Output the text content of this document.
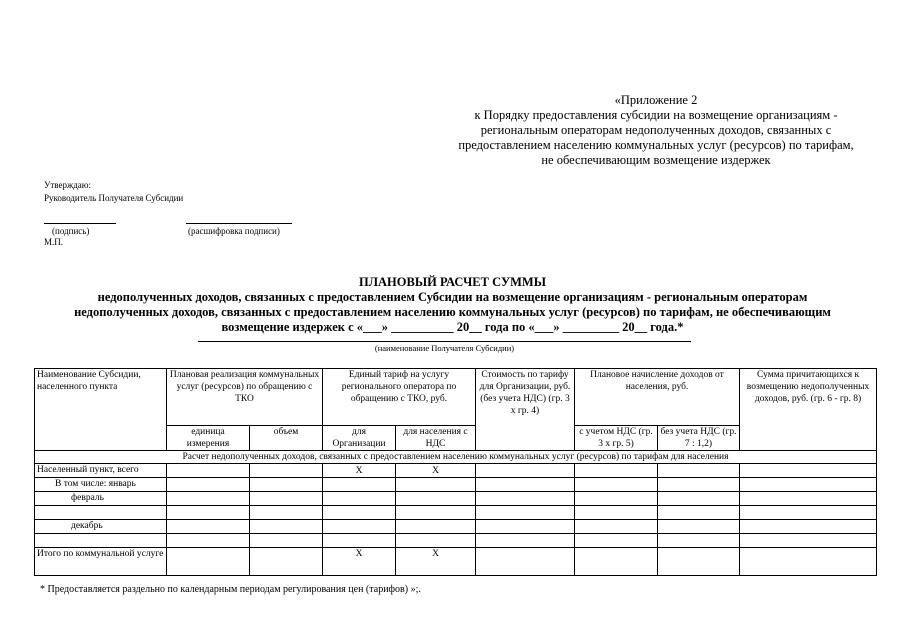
«Приложение 2
к Порядку предоставления субсидии на возмещение организациям -
региональным операторам недополученных доходов, связанных с
предоставлением населению коммунальных услуг (ресурсов) по тарифам,
не обеспечивающим возмещение издержек
Утверждаю:
Руководитель Получателя Субсидии
(подпись)	(расшифровка подписи)
М.П.
ПЛАНОВЫЙ РАСЧЕТ СУММЫ
недополученных доходов, связанных с предоставлением Субсидии на возмещение организациям - региональным операторам
недополученных доходов, связанных с предоставлением населению коммунальных услуг (ресурсов) по тарифам, не обеспечивающим
возмещение издержек с «___» __________ 20__ года по «___» _________ 20__ года.*
(наименование Получателя Субсидии)
Наименование Субсидии, населенного пункта	Плановая реализация коммунальных услуг (ресурсов) по обращению с ТКО		Единый тариф на услугу регионального оператора по обращению с ТКО, руб.		Стоимость по тарифу для Организации, руб. (без учета НДС) (гр. 3 х гр. 4)	Плановое начисление доходов от населения, руб.		Сумма причитающихся к возмещению недополученных доходов, руб. (гр. 6 - гр. 8)
	единица измерения	объем	для Организации	для населения с НДС		с учетом НДС (гр. 3 х гр. 5)	без учета НДС (гр. 7 : 1,2)	
Расчет недополученных доходов, связанных с предоставлением населению коммунальных услуг (ресурсов) по тарифам для населения								
Населенный пункт, всего			Х	Х				
В том числе: январь								
февраль								

декабрь								

Итого по коммунальной услуге			Х	Х				
* Предоставляется раздельно по календарным периодам регулирования цен (тарифов) »;.
